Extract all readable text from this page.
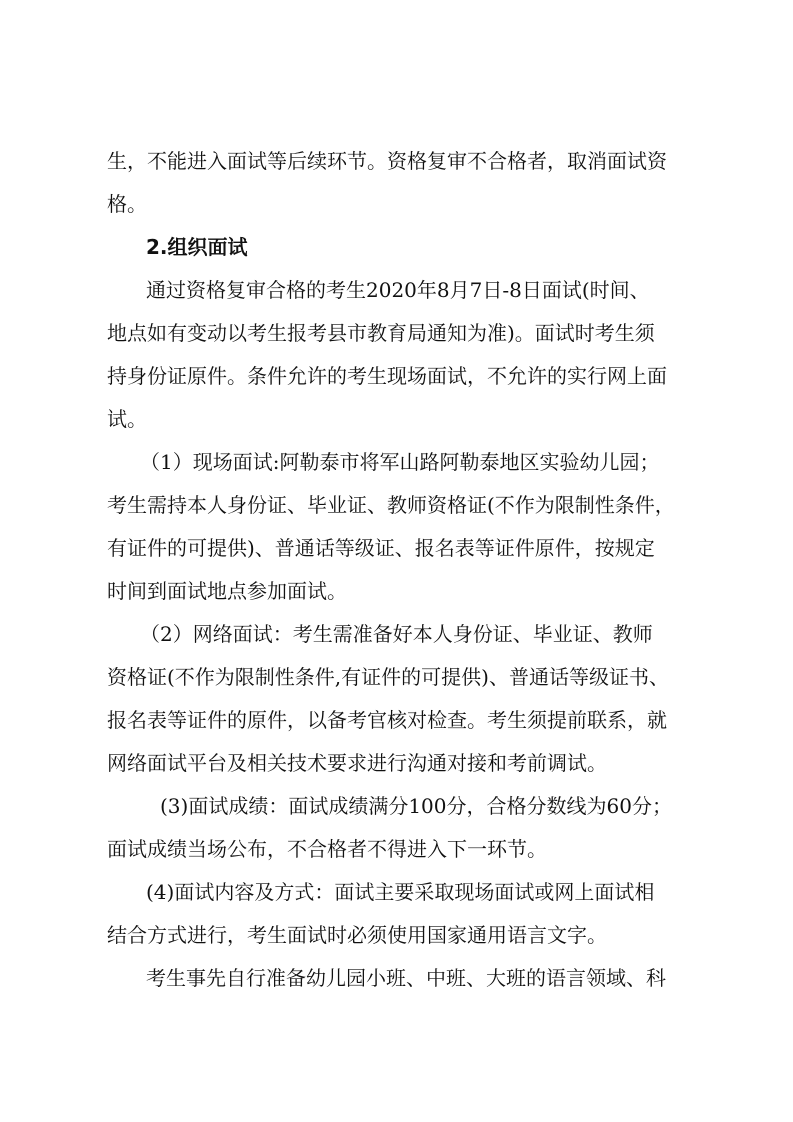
生，不能进入面试等后续环节。资格复审不合格者，取消面试资
格。
2.组织面试
通过资格复审合格的考生2020年8月7日-8日面试(时间、
地点如有变动以考生报考县市教育局通知为准)。面试时考生须
持身份证原件。条件允许的考生现场面试，不允许的实行网上面
试。
（1）现场面试:阿勒泰市将军山路阿勒泰地区实验幼儿园；
考生需持本人身份证、毕业证、教师资格证(不作为限制性条件，
有证件的可提供)、普通话等级证、报名表等证件原件，按规定
时间到面试地点参加面试。
（2）网络面试：考生需准备好本人身份证、毕业证、教师
资格证(不作为限制性条件,有证件的可提供)、普通话等级证书、
报名表等证件的原件，以备考官核对检查。考生须提前联系，就
网络面试平台及相关技术要求进行沟通对接和考前调试。
(3)面试成绩：面试成绩满分100分，合格分数线为60分；
面试成绩当场公布，不合格者不得进入下一环节。
(4)面试内容及方式：面试主要采取现场面试或网上面试相
结合方式进行，考生面试时必须使用国家通用语言文字。
考生事先自行准备幼儿园小班、中班、大班的语言领域、科
